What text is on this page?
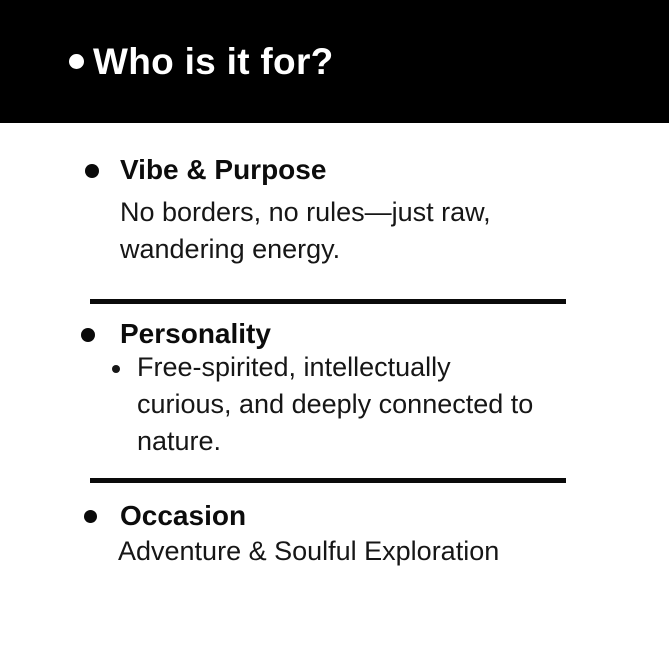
Who is it for?
Vibe & Purpose
No borders, no rules—just raw,
wandering energy.
Personality
Free-spirited, intellectually
curious, and deeply connected to
nature.
Occasion
Adventure & Soulful Exploration
